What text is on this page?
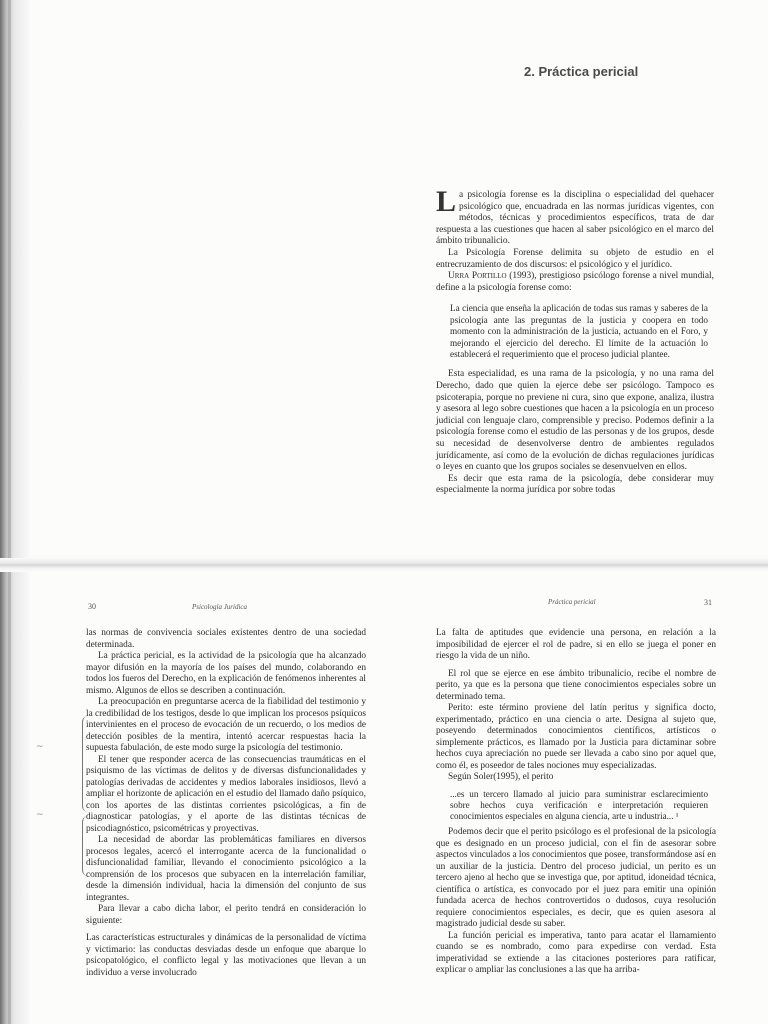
2. Práctica pericial

L a psicología forense es la disciplina o especialidad del quehacer psicológico que, encuadrada en las normas jurídicas vigentes, con métodos, técnicas y procedimientos específicos, trata de dar respuesta a las cuestiones que hacen al saber psicológico en el marco del ámbito tribunalicio.

La Psicología Forense delimita su objeto de estudio en el entrecruzamiento de dos discursos: el psicológico y el jurídico.

Urra Portillo (1993), prestigioso psicólogo forense a nivel mundial, define a la psicología forense como:

La ciencia que enseña la aplicación de todas sus ramas y saberes de la psicología ante las preguntas de la justicia y coopera en todo momento con la administración de la justicia, actuando en el Foro, y mejorando el ejercicio del derecho. El límite de la actuación lo establecerá el requerimiento que el proceso judicial plantee.

Esta especialidad, es una rama de la psicología, y no una rama del Derecho, dado que quien la ejerce debe ser psicólogo. Tampoco es psicoterapia, porque no previene ni cura, sino que expone, analiza, ilustra y asesora al lego sobre cuestiones que hacen a la psicología en un proceso judicial con lenguaje claro, comprensible y preciso. Podemos definir a la psicología forense como el estudio de las personas y de los grupos, desde su necesidad de desenvolverse dentro de ambientes regulados jurídicamente, así como de la evolución de dichas regulaciones jurídicas o leyes en cuanto que los grupos sociales se desenvuelven en ellos.

Es decir que esta rama de la psicología, debe considerar muy especialmente la norma jurídica por sobre todas

30	Psicología Jurídica

las normas de convivencia sociales existentes dentro de una sociedad determinada.

La práctica pericial, es la actividad de la psicología que ha alcanzado mayor difusión en la mayoría de los países del mundo, colaborando en todos los fueros del Derecho, en la explicación de fenómenos inherentes al mismo. Algunos de ellos se describen a continuación.

La preocupación en preguntarse acerca de la fiabilidad del testimonio y la credibilidad de los testigos, desde lo que implican los procesos psíquicos intervinientes en el proceso de evocación de un recuerdo, o los medios de detección posibles de la mentira, intentó acercar respuestas hacia la supuesta fabulación, de este modo surge la psicología del testimonio.

El tener que responder acerca de las consecuencias traumáticas en el psiquismo de las víctimas de delitos y de diversas disfuncionalidades y patologías derivadas de accidentes y medios laborales insidiosos, llevó a ampliar el horizonte de aplicación en el estudio del llamado daño psíquico, con los aportes de las distintas corrientes psicológicas, a fin de diagnosticar patologías, y el aporte de las distintas técnicas de psicodiagnóstico, psicométricas y proyectivas.

La necesidad de abordar las problemáticas familiares en diversos procesos legales, acercó el interrogante acerca de la funcionalidad o disfuncionalidad familiar, llevando el conocimiento psicológico a la comprensión de los procesos que subyacen en la interrelación familiar, desde la dimensión individual, hacia la dimensión del conjunto de sus integrantes.

Para llevar a cabo dicha labor, el perito tendrá en consideración lo siguiente:

Las características estructurales y dinámicas de la personalidad de víctima y victimario: las conductas desviadas desde un enfoque que abarque lo psicopatológico, el conflicto legal y las motivaciones que llevan a un individuo a verse involucrado

~
~
Práctica pericial	31

La falta de aptitudes que evidencie una persona, en relación a la imposibilidad de ejercer el rol de padre, si en ello se juega el poner en riesgo la vida de un niño.

El rol que se ejerce en ese ámbito tribunalicio, recibe el nombre de perito, ya que es la persona que tiene conocimientos especiales sobre un determinado tema.

Perito: este término proviene del latín peritus y significa docto, experimentado, práctico en una ciencia o arte. Designa al sujeto que, poseyendo determinados conocimientos científicos, artísticos o simplemente prácticos, es llamado por la Justicia para dictaminar sobre hechos cuya apreciación no puede ser llevada a cabo sino por aquel que, como él, es poseedor de tales nociones muy especializadas.

Según Soler(1995), el perito

...es un tercero llamado al juicio para suministrar esclarecimiento sobre hechos cuya verificación e interpretación requieren conocimientos especiales en alguna ciencia, arte u industria... ¹

Podemos decir que el perito psicólogo es el profesional de la psicología que es designado en un proceso judicial, con el fin de asesorar sobre aspectos vinculados a los conocimientos que posee, transformándose así en un auxiliar de la justicia. Dentro del proceso judicial, un perito es un tercero ajeno al hecho que se investiga que, por aptitud, idoneidad técnica, científica o artística, es convocado por el juez para emitir una opinión fundada acerca de hechos controvertidos o dudosos, cuya resolución requiere conocimientos especiales, es decir, que es quien asesora al magistrado judicial desde su saber.

La función pericial es imperativa, tanto para acatar el llamamiento cuando se es nombrado, como para expedirse con verdad. Esta imperatividad se extiende a las citaciones posteriores para ratificar, explicar o ampliar las conclusiones a las que ha arriba-
